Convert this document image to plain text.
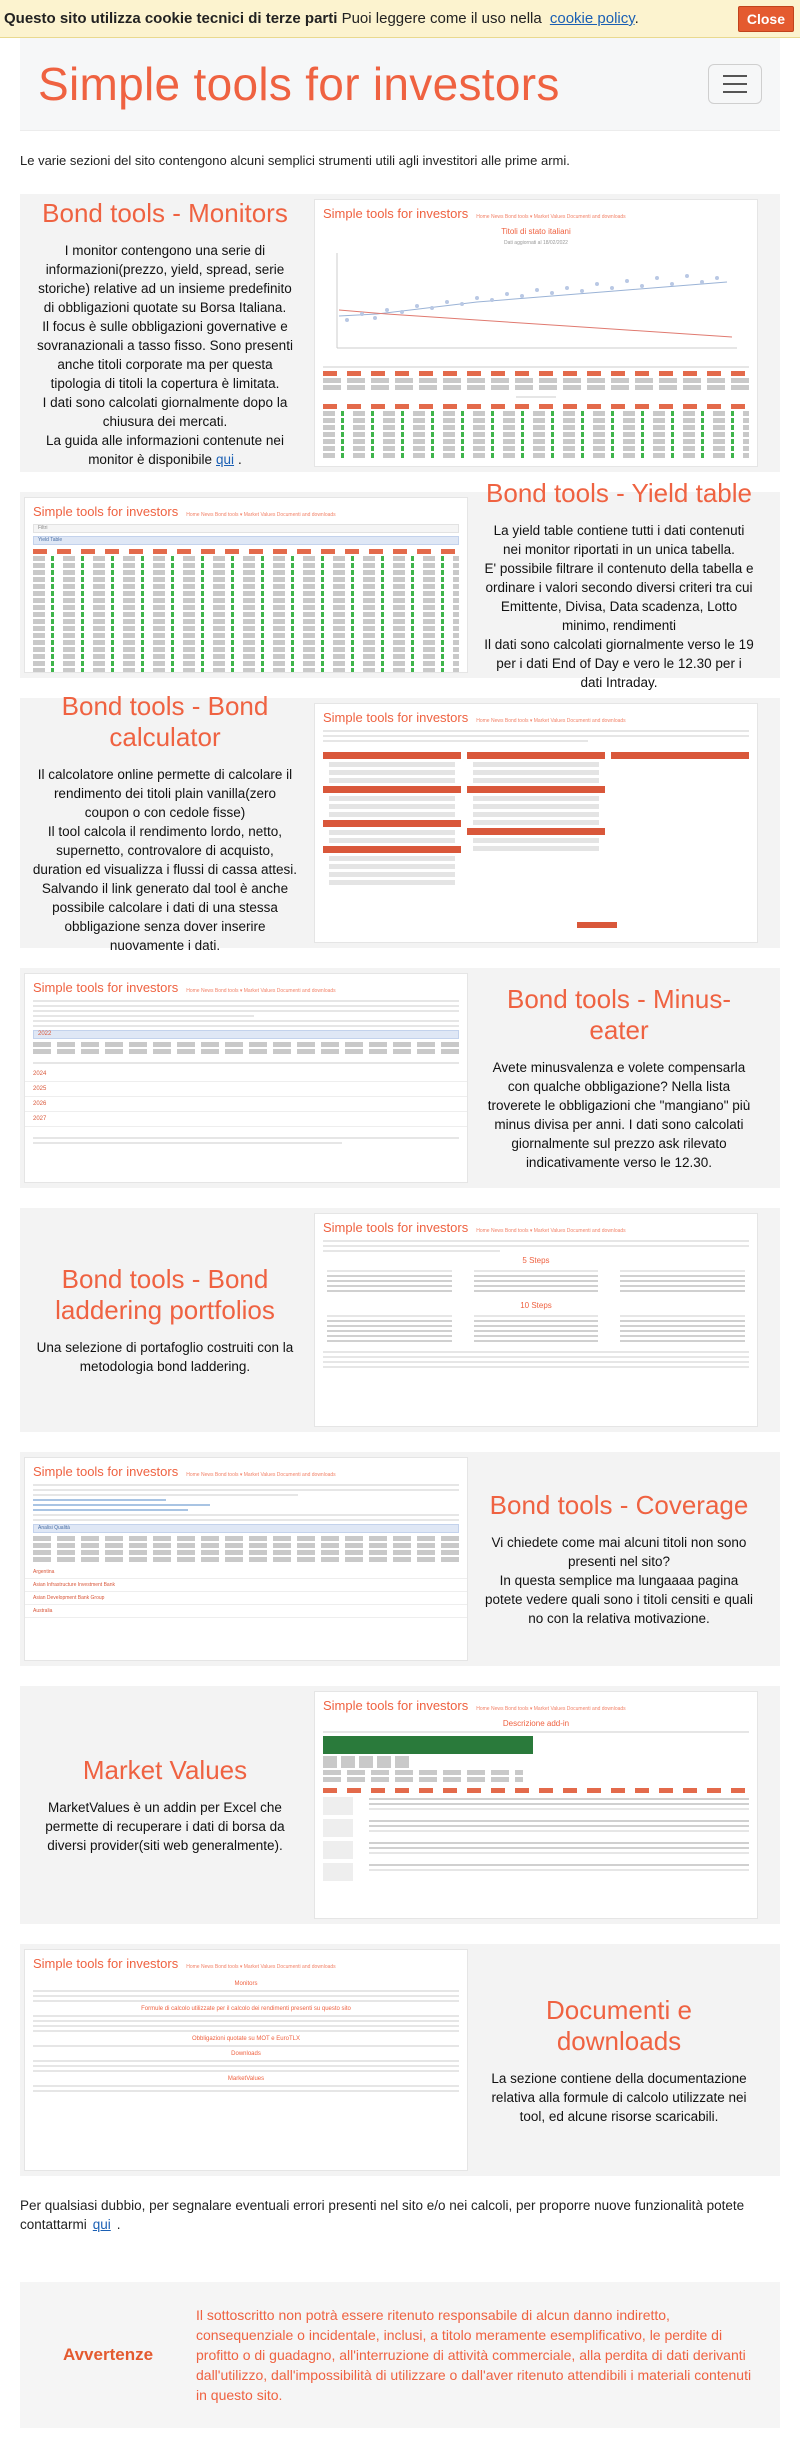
Questo sito utilizza cookie tecnici di terze parti Puoi leggere come il uso nella cookie policy.	Close
Simple tools for investors
Le varie sezioni del sito contengono alcuni semplici strumenti utili agli investitori alle prime armi.
Bond tools - Monitors

I monitor contengono una serie di informazioni(prezzo, yield, spread, serie storiche) relative ad un insieme predefinito di obbligazioni quotate su Borsa Italiana.

Il focus è sulle obbligazioni governative e sovranazionali a tasso fisso. Sono presenti anche titoli corporate ma per questa tipologia di titoli la copertura è limitata.

I dati sono calcolati giornalmente dopo la chiusura dei mercati.

La guida alle informazioni contenute nei monitor è disponibile qui .

Simple tools for investors Home News Bond tools ▾ Market Values Documenti and downloads
Titoli di stato italiani
Dati aggiornati al 18/02/2022
Simple tools for investors Home News Bond tools ▾ Market Values Documenti and downloads
Filtri
Yield Table
Bond tools - Yield table

La yield table contiene tutti i dati contenuti nei monitor riportati in un unica tabella.

E' possibile filtrare il contenuto della tabella e ordinare i valori secondo diversi criteri tra cui Emittente, Divisa, Data scadenza, Lotto minimo, rendimenti

Il dati sono calcolati giornalmente verso le 19 per i dati End of Day e vero le 12.30 per i dati Intraday.

Bond tools - Bond calculator

Il calcolatore online permette di calcolare il rendimento dei titoli plain vanilla(zero coupon o con cedole fisse)

Il tool calcola il rendimento lordo, netto, supernetto, controvalore di acquisto, duration ed visualizza i flussi di cassa attesi.

Salvando il link generato dal tool è anche possibile calcolare i dati di una stessa obbligazione senza dover inserire nuovamente i dati.

Simple tools for investors Home News Bond tools ▾ Market Values Documenti and downloads
Simple tools for investors Home News Bond tools ▾ Market Values Documenti and downloads
2022
2024
2025
2026
2027
Bond tools - Minus-eater

Avete minusvalenza e volete compensarla con qualche obbligazione? Nella lista troverete le obbligazioni che "mangiano" più minus divisa per anni. I dati sono calcolati giornalmente sul prezzo ask rilevato indicativamente verso le 12.30.

Bond tools - Bond laddering portfolios

Una selezione di portafoglio costruiti con la metodologia bond laddering.

Simple tools for investors Home News Bond tools ▾ Market Values Documenti and downloads
5 Steps
10 Steps
Simple tools for investors Home News Bond tools ▾ Market Values Documenti and downloads
Analisi Qualità
Argentina
Asian Infrastructure Investment Bank
Asian Development Bank Group
Australia
Bond tools - Coverage

Vi chiedete come mai alcuni titoli non sono presenti nel sito?

In questa semplice ma lungaaaa pagina potete vedere quali sono i titoli censiti e quali no con la relativa motivazione.

Market Values

MarketValues è un addin per Excel che permette di recuperare i dati di borsa da diversi provider(siti web generalmente).

Simple tools for investors Home News Bond tools ▾ Market Values Documenti and downloads
Descrizione add-in
Simple tools for investors Home News Bond tools ▾ Market Values Documenti and downloads
Monitors
Formule di calcolo utilizzate per il calcolo dei rendimenti presenti su questo sito
Obbligazioni quotate su MOT e EuroTLX
Downloads
MarketValues
Documenti e downloads

La sezione contiene della documentazione relativa alla formule di calcolo utilizzate nei tool, ed alcune risorse scaricabili.

Per qualsiasi dubbio, per segnalare eventuali errori presenti nel sito e/o nei calcoli, per proporre nuove funzionalità potete contattarmi qui .
Avvertenze
Il sottoscritto non potrà essere ritenuto responsabile di alcun danno indiretto, consequenziale o incidentale, inclusi, a titolo meramente esemplificativo, le perdite di profitto o di guadagno, all'interruzione di attività commerciale, alla perdita di dati derivanti dall'utilizzo, dall'impossibilità di utilizzare o dall'aver ritenuto attendibili i materiali contenuti in questo sito.
